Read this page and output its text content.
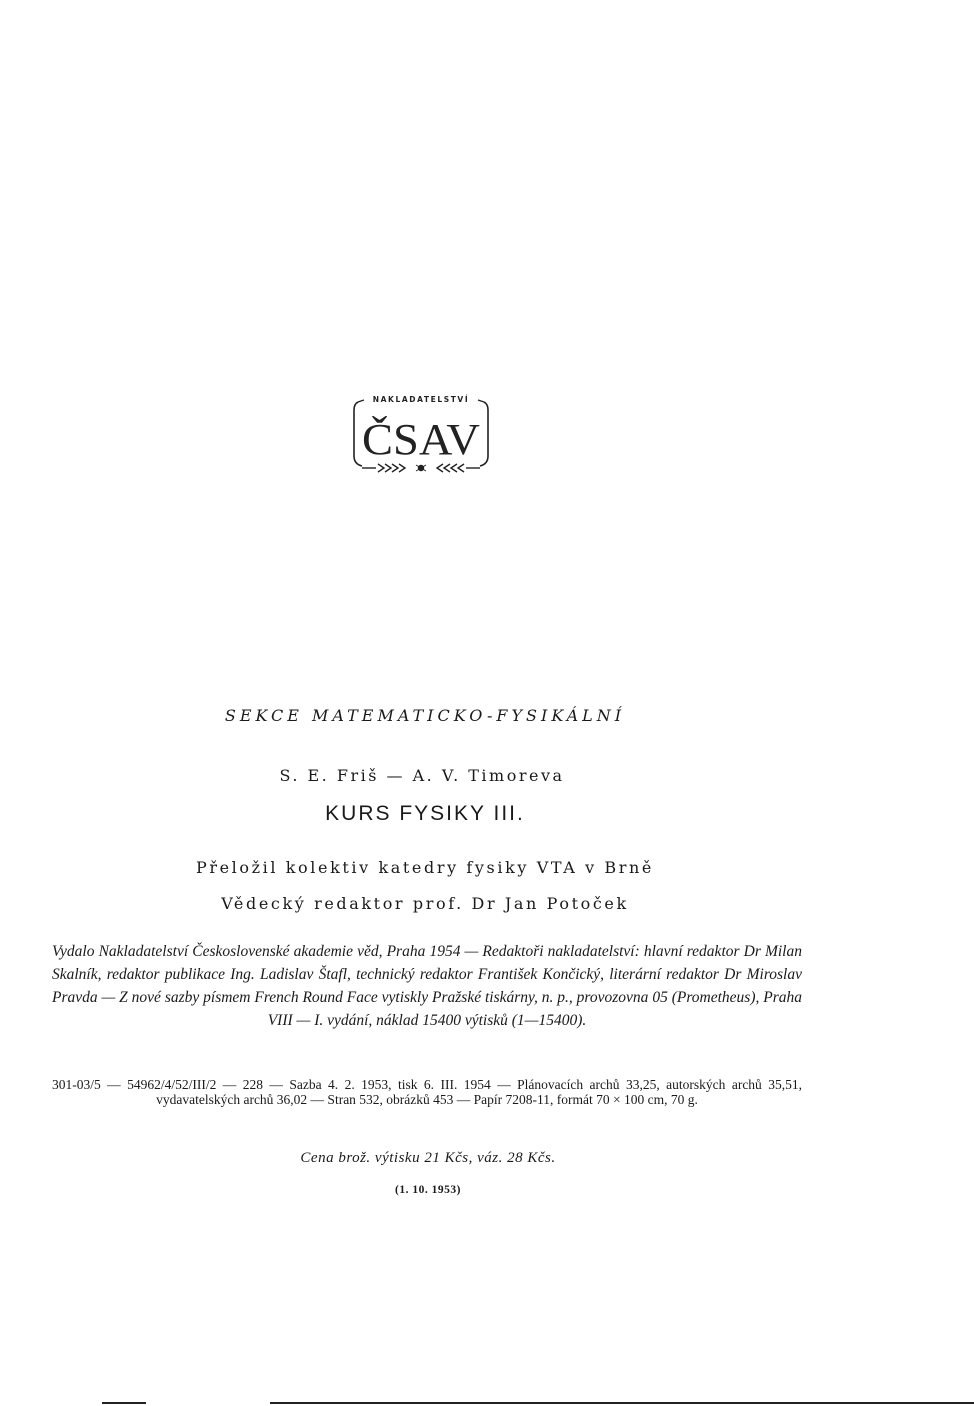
NAKLADATELSTVÍ
ČSAV
SEKCE MATEMATICKO-FYSIKÁLNÍ
S. E. Friš — A. V. Timoreva
KURS FYSIKY III.
Přeložil kolektiv katedry fysiky VTA v Brně
Vědecký redaktor prof. Dr Jan Potoček
Vydalo Nakladatelství Československé akademie věd, Praha 1954 — Redaktoři nakladatelství: hlavní redaktor Dr Milan Skalník, redaktor publikace Ing. Ladislav Štafl, technický redaktor František Končický, literární redaktor Dr Miroslav Pravda — Z nové sazby písmem French Round Face vytiskly Pražské tiskárny, n. p., provozovna 05 (Prometheus), Praha VIII — I. vydání, náklad 15400 výtisků (1—15400).
301-03/5 — 54962/4/52/III/2 — 228 — Sazba 4. 2. 1953, tisk 6. III. 1954 — Plánovacích archů 33,25, autorských archů 35,51, vydavatelských archů 36,02 — Stran 532, obrázků 453 — Papír 7208-11, formát 70 × 100 cm, 70 g.
Cena brož. výtisku 21 Kčs, váz. 28 Kčs.
(1. 10. 1953)
